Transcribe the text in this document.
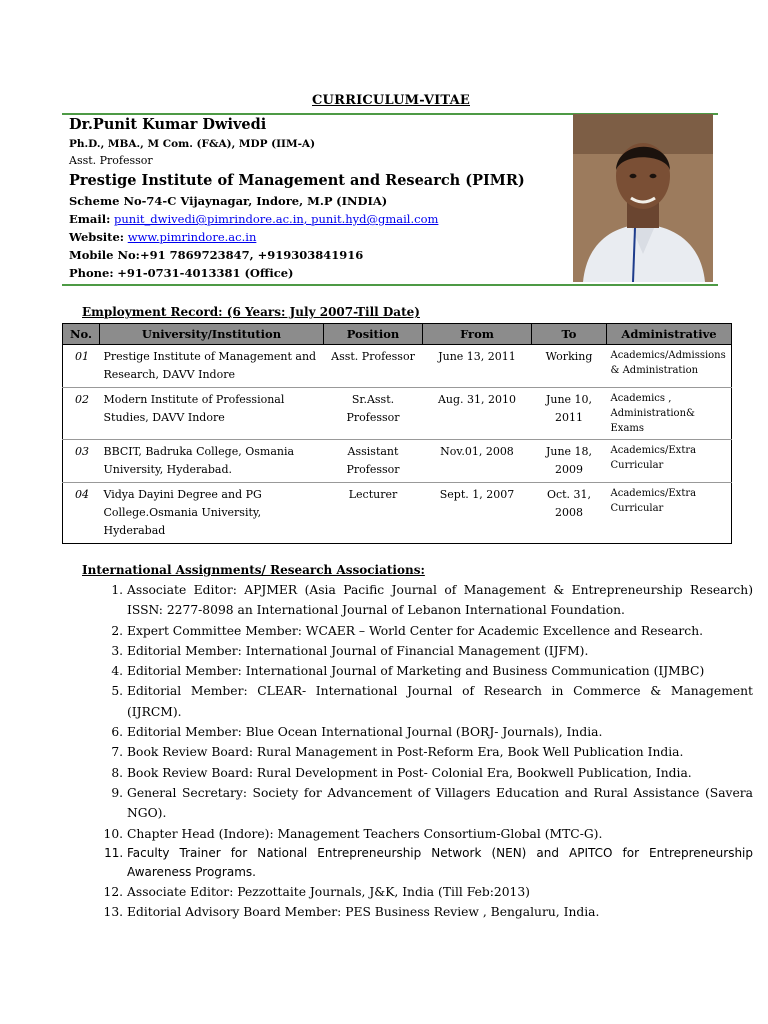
CURRICULUM-VITAE
Dr.Punit Kumar Dwivedi
Ph.D., MBA., M Com. (F&A), MDP (IIM-A)
Asst. Professor
Prestige Institute of Management and Research (PIMR)
Scheme No-74-C Vijaynagar, Indore, M.P (INDIA)
Email: punit_dwivedi@pimrindore.ac.in, punit.hyd@gmail.com
Website: www.pimrindore.ac.in
Mobile No:+91 7869723847, +919303841916
Phone: +91-0731-4013381 (Office)
Employment Record: (6 Years: July 2007-Till Date)
No.	University/Institution	Position	From	To	Administrative
01	Prestige Institute of Management and Research, DAVV Indore	Asst. Professor	June 13, 2011	Working	Academics/Admissions & Administration
02	Modern Institute of Professional Studies, DAVV Indore	Sr.Asst. Professor	Aug. 31, 2010	June 10, 2011	Academics , Administration& Exams
03	BBCIT, Badruka College, Osmania University, Hyderabad.	Assistant Professor	Nov.01, 2008	June 18, 2009	Academics/Extra Curricular
04	Vidya Dayini Degree and PG College.Osmania University, Hyderabad	Lecturer	Sept. 1, 2007	Oct. 31, 2008	Academics/Extra Curricular
International Assignments/ Research Associations:
1. Associate Editor: APJMER (Asia Pacific Journal of Management & Entrepreneurship Research) ISSN: 2277-8098 an International Journal of Lebanon International Foundation.
2. Expert Committee Member: WCAER – World Center for Academic Excellence and Research.
3. Editorial Member: International Journal of Financial Management (IJFM).
4. Editorial Member: International Journal of Marketing and Business Communication (IJMBC)
5. Editorial Member: CLEAR- International Journal of Research in Commerce & Management (IJRCM).
6. Editorial Member: Blue Ocean International Journal (BORJ- Journals), India.
7. Book Review Board: Rural Management in Post-Reform Era, Book Well Publication India.
8. Book Review Board: Rural Development in Post- Colonial Era, Bookwell Publication, India.
9. General Secretary: Society for Advancement of Villagers Education and Rural Assistance (Savera NGO).
10. Chapter Head (Indore): Management Teachers Consortium-Global (MTC-G).
11. Faculty Trainer for National Entrepreneurship Network (NEN) and APITCO for Entrepreneurship Awareness Programs.
12. Associate Editor: Pezzottaite Journals, J&K, India (Till Feb:2013)
13. Editorial Advisory Board Member: PES Business Review , Bengaluru, India.
